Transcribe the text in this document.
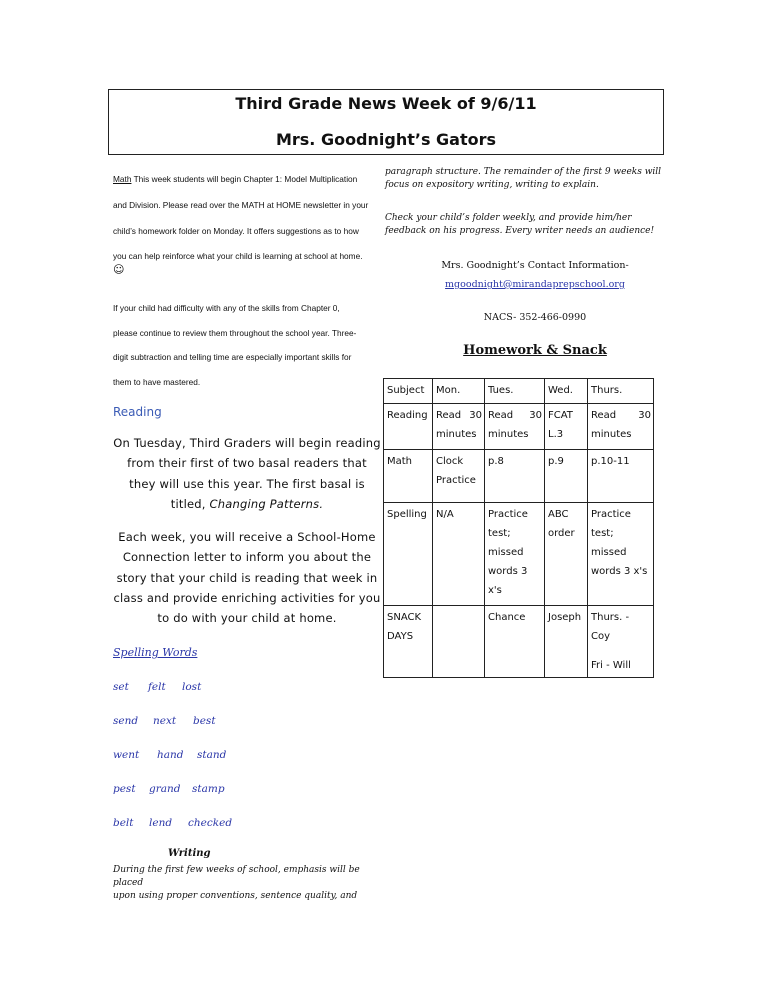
Third Grade News Week of 9/6/11
Mrs. Goodnight’s Gators
Math This week students will begin Chapter 1: Model Multiplication
and Division. Please read over the MATH at HOME newsletter in your
child’s homework folder on Monday. It offers suggestions as to how
you can help reinforce what your child is learning at school at home.
☺
If your child had difficulty with any of the skills from Chapter 0,
please continue to review them throughout the school year. Three-
digit subtraction and telling time are especially important skills for
them to have mastered.
Reading
On Tuesday, Third Graders will begin reading
from their first of two basal readers that
they will use this year. The first basal is
titled, Changing Patterns.
Each week, you will receive a School-Home
Connection letter to inform you about the
story that your child is reading that week in
class and provide enriching activities for you
to do with your child at home.
Spelling Words
set felt lost
send next best
went hand stand
pest grand stamp
belt lend checked
Writing
During the first few weeks of school, emphasis will be placed
upon using proper conventions, sentence quality, and
paragraph structure. The remainder of the first 9 weeks will
focus on expository writing, writing to explain.
Check your child’s folder weekly, and provide him/her
feedback on his progress. Every writer needs an audience!
Mrs. Goodnight’s Contact Information-
mgoodnight@mirandaprepschool.org
NACS- 352-466-0990
Homework & Snack
Subject	Mon.	Tues.	Wed.	Thurs.
Reading	Read 30 minutes	Read 30 minutes	FCAT L.3	Read 30 minutes
Math	Clock Practice	p.8	p.9	p.10-11
Spelling	N/A	Practice test; missed words 3 x's	ABC order	Practice test; missed words 3 x's
SNACK DAYS		Chance	Joseph	Thurs. - Coy
Fri - Will
